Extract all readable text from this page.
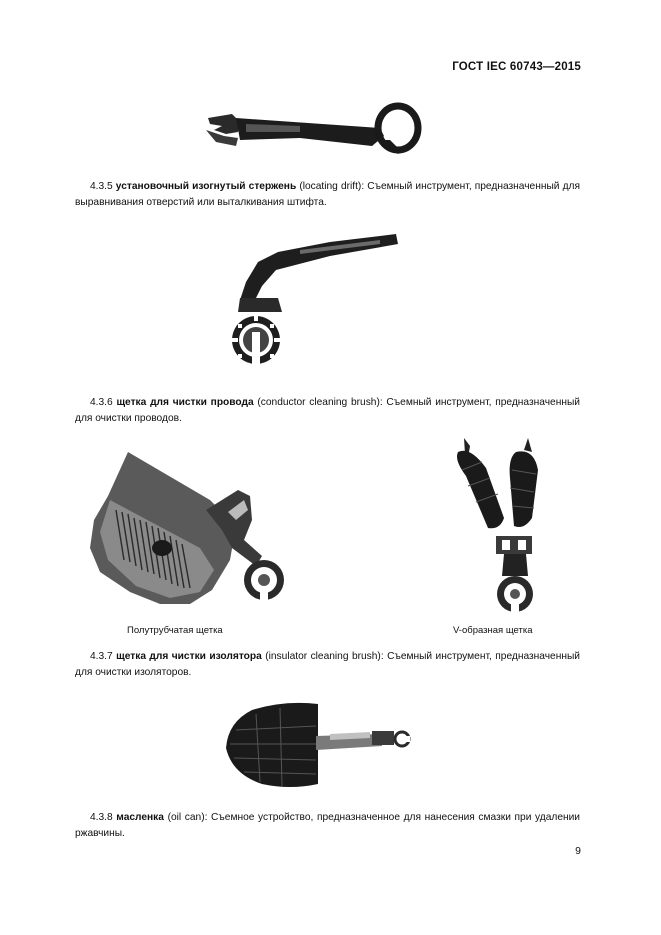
ГОСТ IEC 60743—2015
4.3.5 установочный изогнутый стержень (locating drift): Съемный инструмент, предназначенный для выравнивания отверстий или выталкивания штифта.
4.3.6 щетка для чистки провода (conductor cleaning brush): Съемный инструмент, предназначенный для очистки проводов.
Полутрубчатая щетка	V-образная щетка
4.3.7 щетка для чистки изолятора (insulator cleaning brush): Съемный инструмент, предназначенный для очистки изоляторов.
4.3.8 масленка (oil can): Съемное устройство, предназначенное для нанесения смазки при удалении ржавчины.
9
